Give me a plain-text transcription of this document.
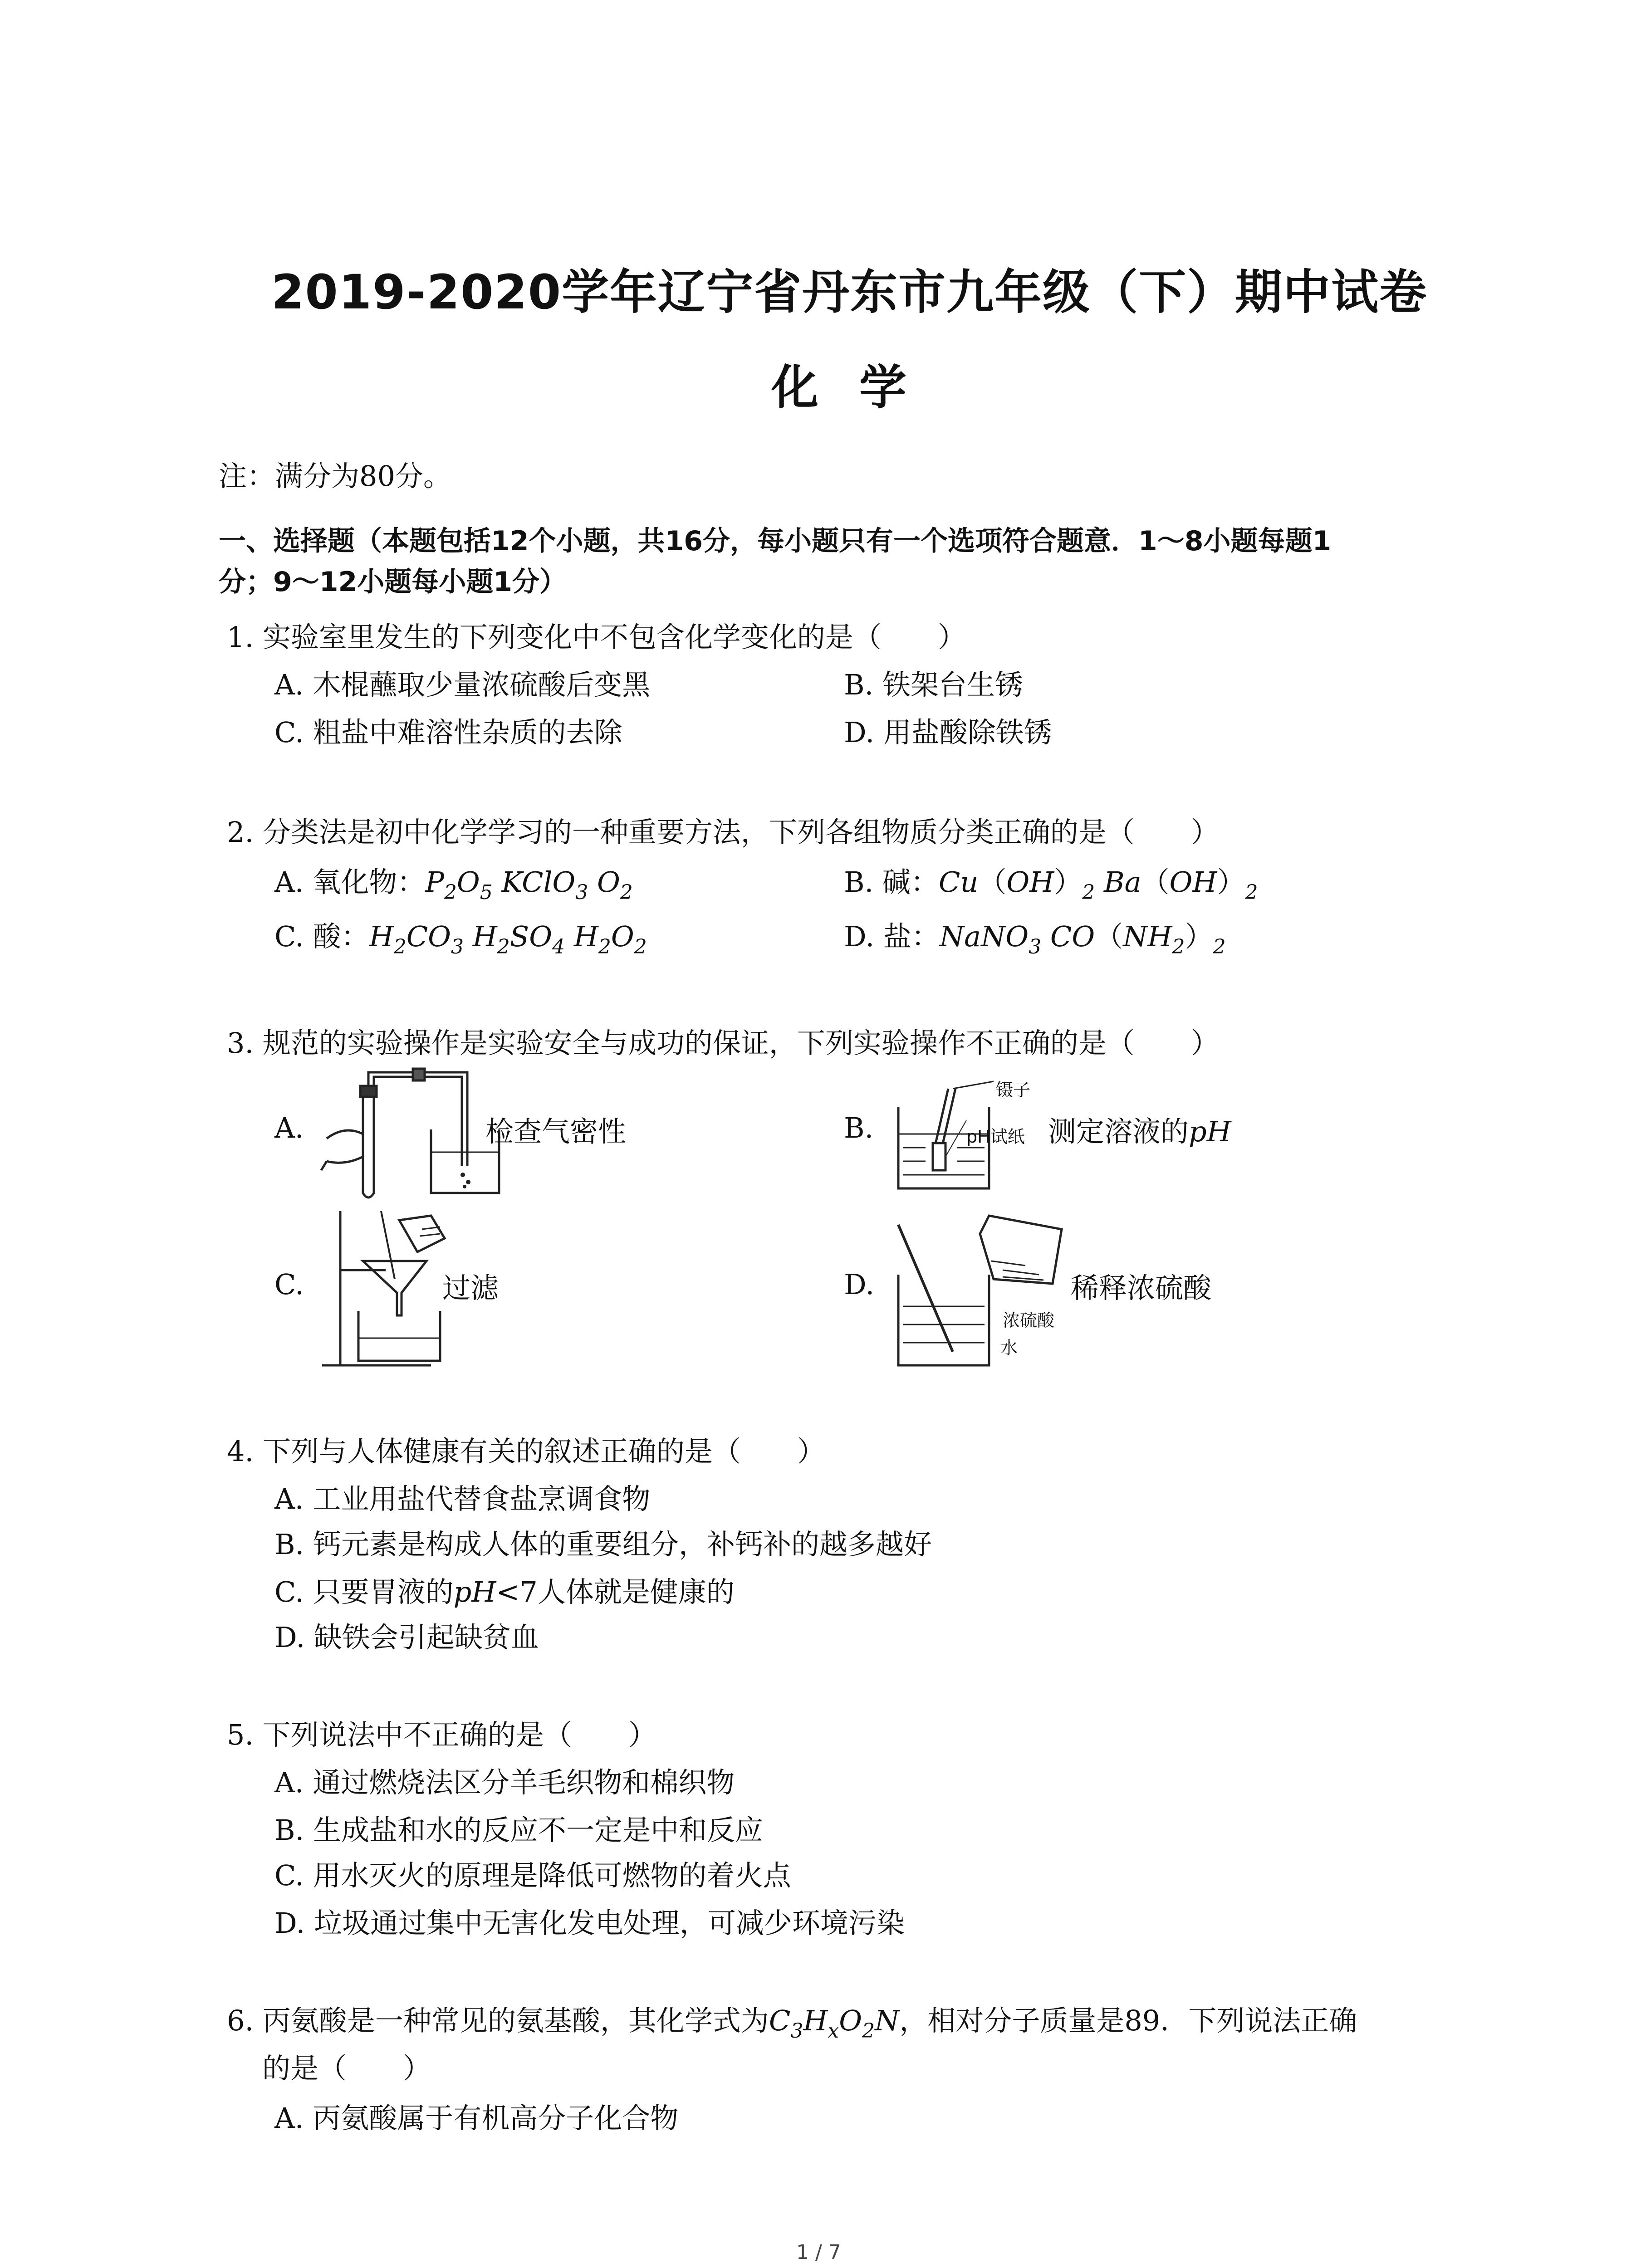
2019-2020学年辽宁省丹东市九年级（下）期中试卷
化学
注：满分为80分。
一、选择题（本题包括12个小题，共16分，每小题只有一个选项符合题意．1～8小题每题1
分；9～12小题每小题1分）
1. 实验室里发生的下列变化中不包含化学变化的是（　　）
A. 木棍蘸取少量浓硫酸后变黑	B. 铁架台生锈
C. 粗盐中难溶性杂质的去除	D. 用盐酸除铁锈
2. 分类法是初中化学学习的一种重要方法，下列各组物质分类正确的是（　　）
A. 氧化物：$P_2O_5$ KClO$_3$ $O_2$	B. 碱：$Cu(OH)_2$ $Ba(OH)_2$
C. 酸：$H_2CO_3$ $H_2SO_4$ $H_2O_2$	D. 盐：NaNO$_3$ $CO(NH_2)_2$
3. 规范的实验操作是实验安全与成功的保证，下列实验操作不正确的是（　　）
A.	检查气密性	B.
镊子
pH试纸 测定溶液的pH
C.	过滤	D.	稀释浓硫酸
浓硫酸
水
4. 下列与人体健康有关的叙述正确的是（　　）
A. 工业用盐代替食盐烹调食物
B. 钙元素是构成人体的重要组分，补钙补的越多越好
C. 只要胃液的pH<7人体就是健康的
D. 缺铁会引起缺贫血
5. 下列说法中不正确的是（　　）
A. 通过燃烧法区分羊毛织物和棉织物
B. 生成盐和水的反应不一定是中和反应
C. 用水灭火的原理是降低可燃物的着火点
D. 垃圾通过集中无害化发电处理，可减少环境污染
6. 丙氨酸是一种常见的氨基酸，其化学式为$C_3H_xO_2N$，相对分子质量是89．下列说法正确
的是（　　）
A. 丙氨酸属于有机高分子化合物
1 / 7
